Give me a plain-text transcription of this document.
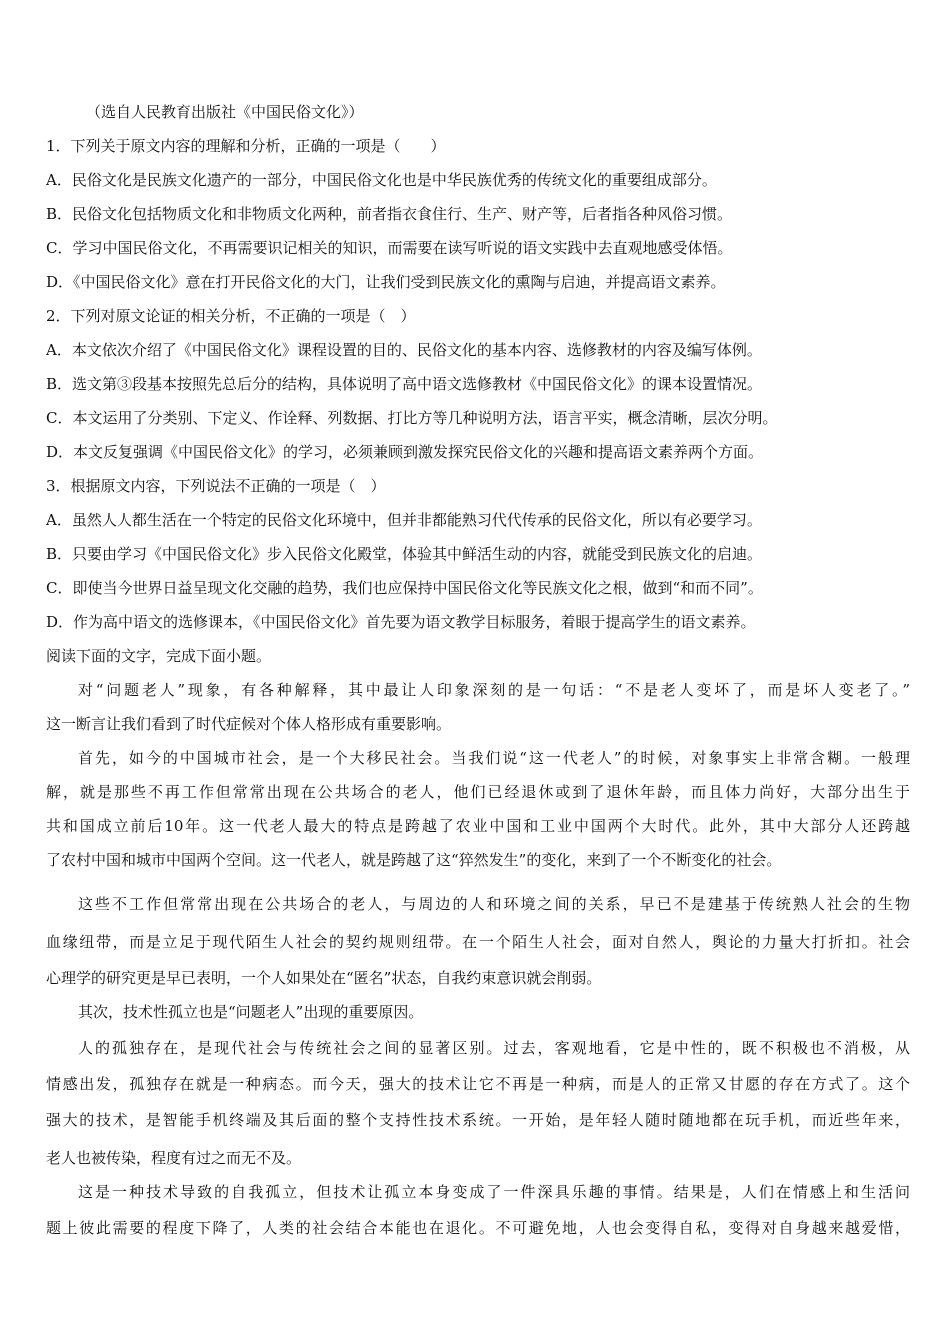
（选自人民教育出版社《中国民俗文化》）
1．下列关于原文内容的理解和分析，正确的一项是（　　）
A．民俗文化是民族文化遗产的一部分，中国民俗文化也是中华民族优秀的传统文化的重要组成部分。
B．民俗文化包括物质文化和非物质文化两种，前者指衣食住行、生产、财产等，后者指各种风俗习惯。
C．学习中国民俗文化，不再需要识记相关的知识，而需要在读写听说的语文实践中去直观地感受体悟。
D．《中国民俗文化》意在打开民俗文化的大门，让我们受到民族文化的熏陶与启迪，并提高语文素养。
2．下列对原文论证的相关分析，不正确的一项是（　）
A．本文依次介绍了《中国民俗文化》课程设置的目的、民俗文化的基本内容、选修教材的内容及编写体例。
B．选文第③段基本按照先总后分的结构，具体说明了高中语文选修教材《中国民俗文化》的课本设置情况。
C．本文运用了分类别、下定义、作诠释、列数据、打比方等几种说明方法，语言平实，概念清晰，层次分明。
D．本文反复强调《中国民俗文化》的学习，必须兼顾到激发探究民俗文化的兴趣和提高语文素养两个方面。
3．根据原文内容，下列说法不正确的一项是（　）
A．虽然人人都生活在一个特定的民俗文化环境中，但并非都能熟习代代传承的民俗文化，所以有必要学习。
B．只要由学习《中国民俗文化》步入民俗文化殿堂，体验其中鲜活生动的内容，就能受到民族文化的启迪。
C．即使当今世界日益呈现文化交融的趋势，我们也应保持中国民俗文化等民族文化之根，做到“和而不同”。
D．作为高中语文的选修课本，《中国民俗文化》首先要为语文教学目标服务，着眼于提高学生的语文素养。
阅读下面的文字，完成下面小题。
对“问题老人”现象，有各种解释，其中最让人印象深刻的是一句话：“不是老人变坏了，而是坏人变老了。”
这一断言让我们看到了时代症候对个体人格形成有重要影响。
首先，如今的中国城市社会，是一个大移民社会。当我们说“这一代老人”的时候，对象事实上非常含糊。一般理
解，就是那些不再工作但常常出现在公共场合的老人，他们已经退休或到了退休年龄，而且体力尚好，大部分出生于
共和国成立前后10年。这一代老人最大的特点是跨越了农业中国和工业中国两个大时代。此外，其中大部分人还跨越
了农村中国和城市中国两个空间。这一代老人，就是跨越了这“猝然发生”的变化，来到了一个不断变化的社会。
这些不工作但常常出现在公共场合的老人，与周边的人和环境之间的关系，早已不是建基于传统熟人社会的生物
血缘纽带，而是立足于现代陌生人社会的契约规则纽带。在一个陌生人社会，面对自然人，舆论的力量大打折扣。社会
心理学的研究更是早已表明，一个人如果处在“匿名”状态，自我约束意识就会削弱。
其次，技术性孤立也是“问题老人”出现的重要原因。
人的孤独存在，是现代社会与传统社会之间的显著区别。过去，客观地看，它是中性的，既不积极也不消极，从
情感出发，孤独存在就是一种病态。而今天，强大的技术让它不再是一种病，而是人的正常又甘愿的存在方式了。这个
强大的技术，是智能手机终端及其后面的整个支持性技术系统。一开始，是年轻人随时随地都在玩手机，而近些年来，
老人也被传染，程度有过之而无不及。
这是一种技术导致的自我孤立，但技术让孤立本身变成了一件深具乐趣的事情。结果是，人们在情感上和生活问
题上彼此需要的程度下降了，人类的社会结合本能也在退化。不可避免地，人也会变得自私，变得对自身越来越爱惜，
